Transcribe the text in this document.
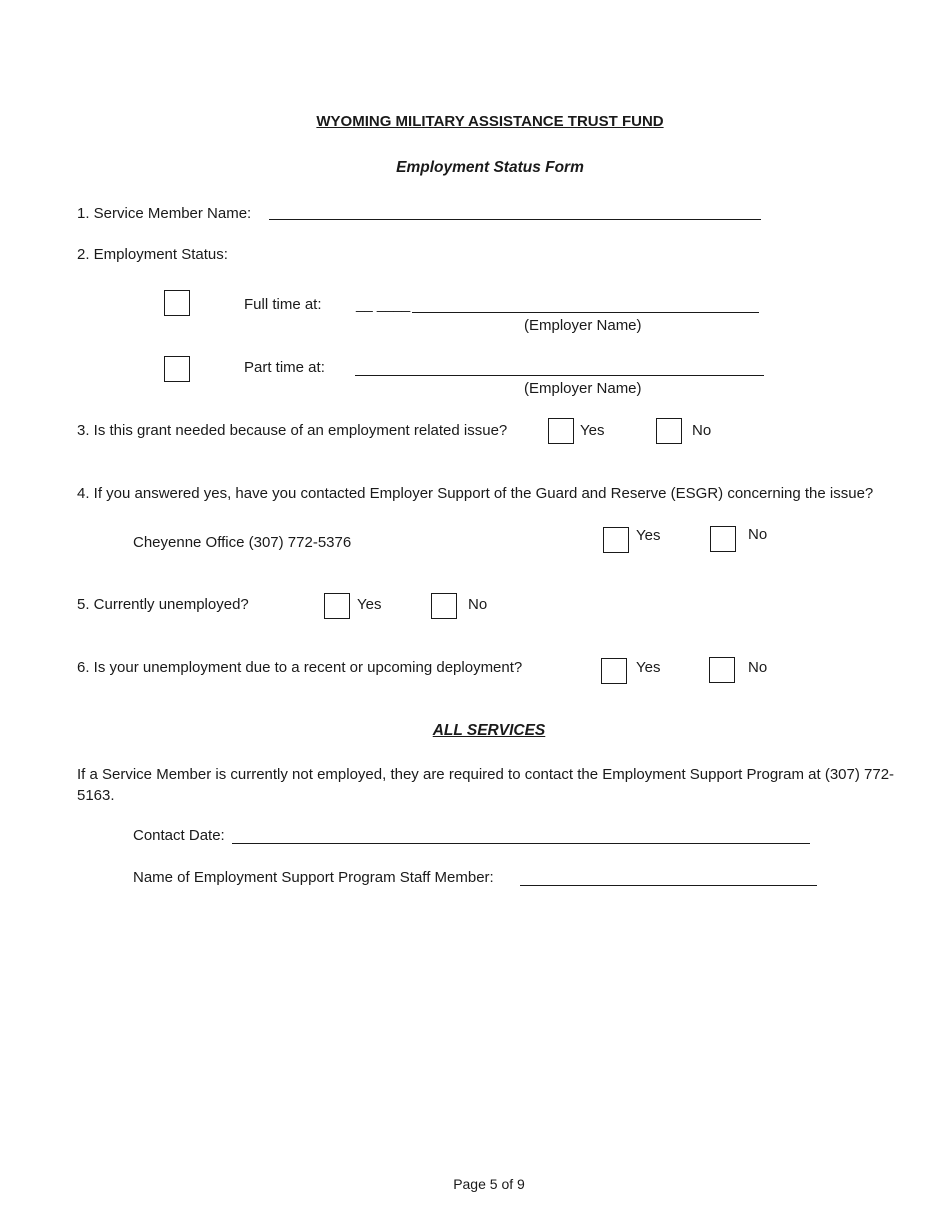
WYOMING MILITARY ASSISTANCE TRUST FUND
Employment Status Form
1. Service Member Name:
2. Employment Status:
Full time at: __ ____
(Employer Name)
Part time at:
(Employer Name)
3. Is this grant needed because of an employment related issue?	Yes	No
4. If you answered yes, have you contacted Employer Support of the Guard and Reserve (ESGR) concerning the issue?
Cheyenne Office (307) 772-5376	Yes	No
5. Currently unemployed?	Yes	No
6. Is your unemployment due to a recent or upcoming deployment?	Yes	No
ALL SERVICES
If a Service Member is currently not employed, they are required to contact the Employment Support Program at (307) 772-5163.
Contact Date:
Name of Employment Support Program Staff Member:
Page 5 of 9
